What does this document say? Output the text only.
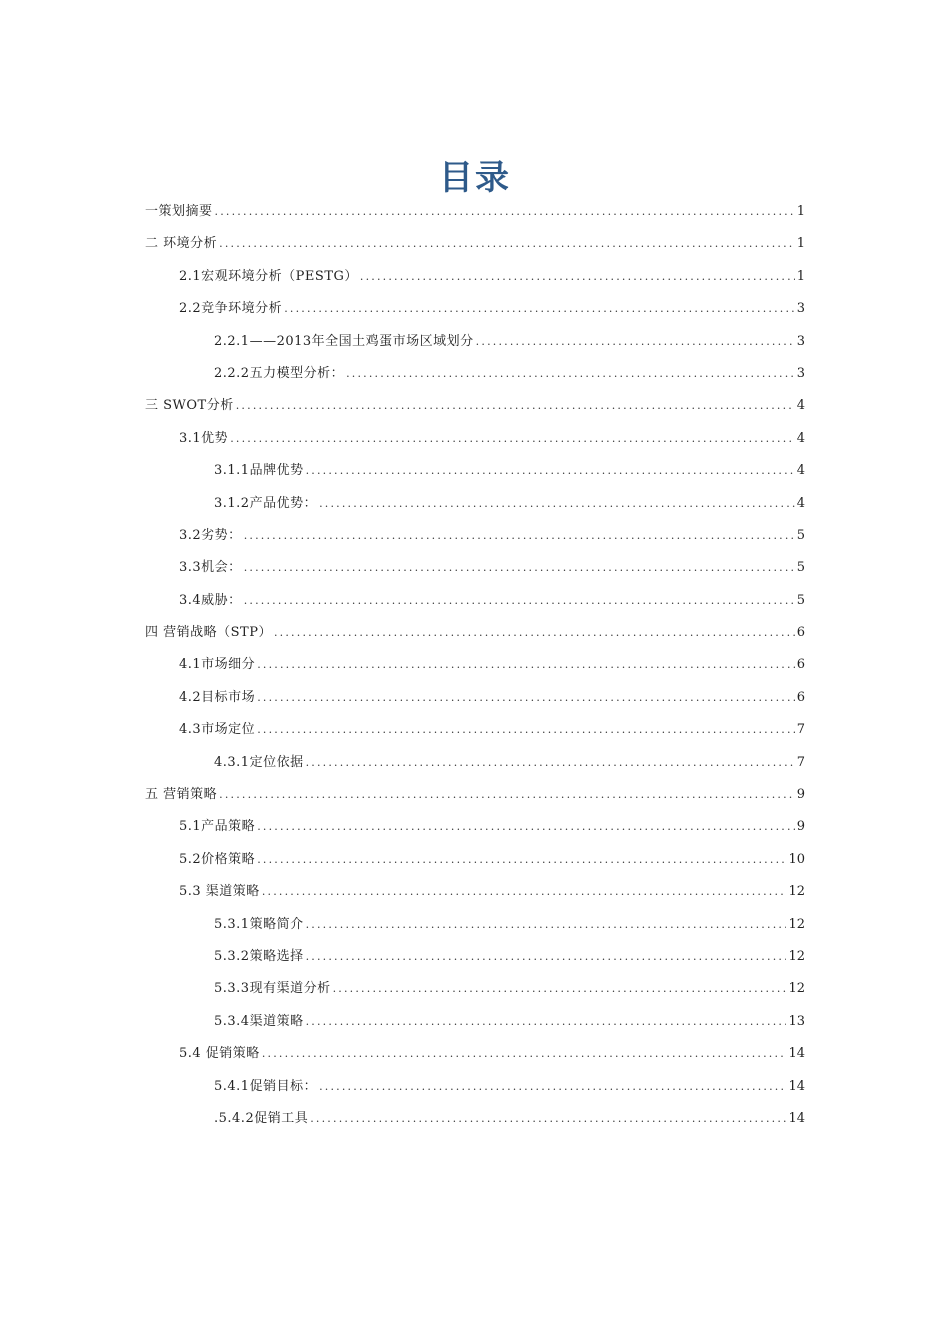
目录
一策划摘要 .....	1
二 环境分析 .....	1
2.1宏观环境分析（PESTG） .....	1
2.2竞争环境分析 .....	3
2.2.1——2013年全国土鸡蛋市场区域划分 .....	3
2.2.2五力模型分析： .....	3
三 SWOT分析 .....	4
3.1优势 .....	4
3.1.1品牌优势 .....	4
3.1.2产品优势： .....	4
3.2劣势： .....	5
3.3机会： .....	5
3.4威胁： .....	5
四 营销战略（STP） .....	6
4.1市场细分 .....	6
4.2目标市场 .....	6
4.3市场定位 .....	7
4.3.1定位依据 .....	7
五 营销策略 .....	9
5.1产品策略 .....	9
5.2价格策略 .....	10
5.3 渠道策略 .....	12
5.3.1策略简介 .....	12
5.3.2策略选择 .....	12
5.3.3现有渠道分析 .....	12
5.3.4渠道策略 .....	13
5.4 促销策略 .....	14
5.4.1促销目标： .....	14
.5.4.2促销工具 .....	14
